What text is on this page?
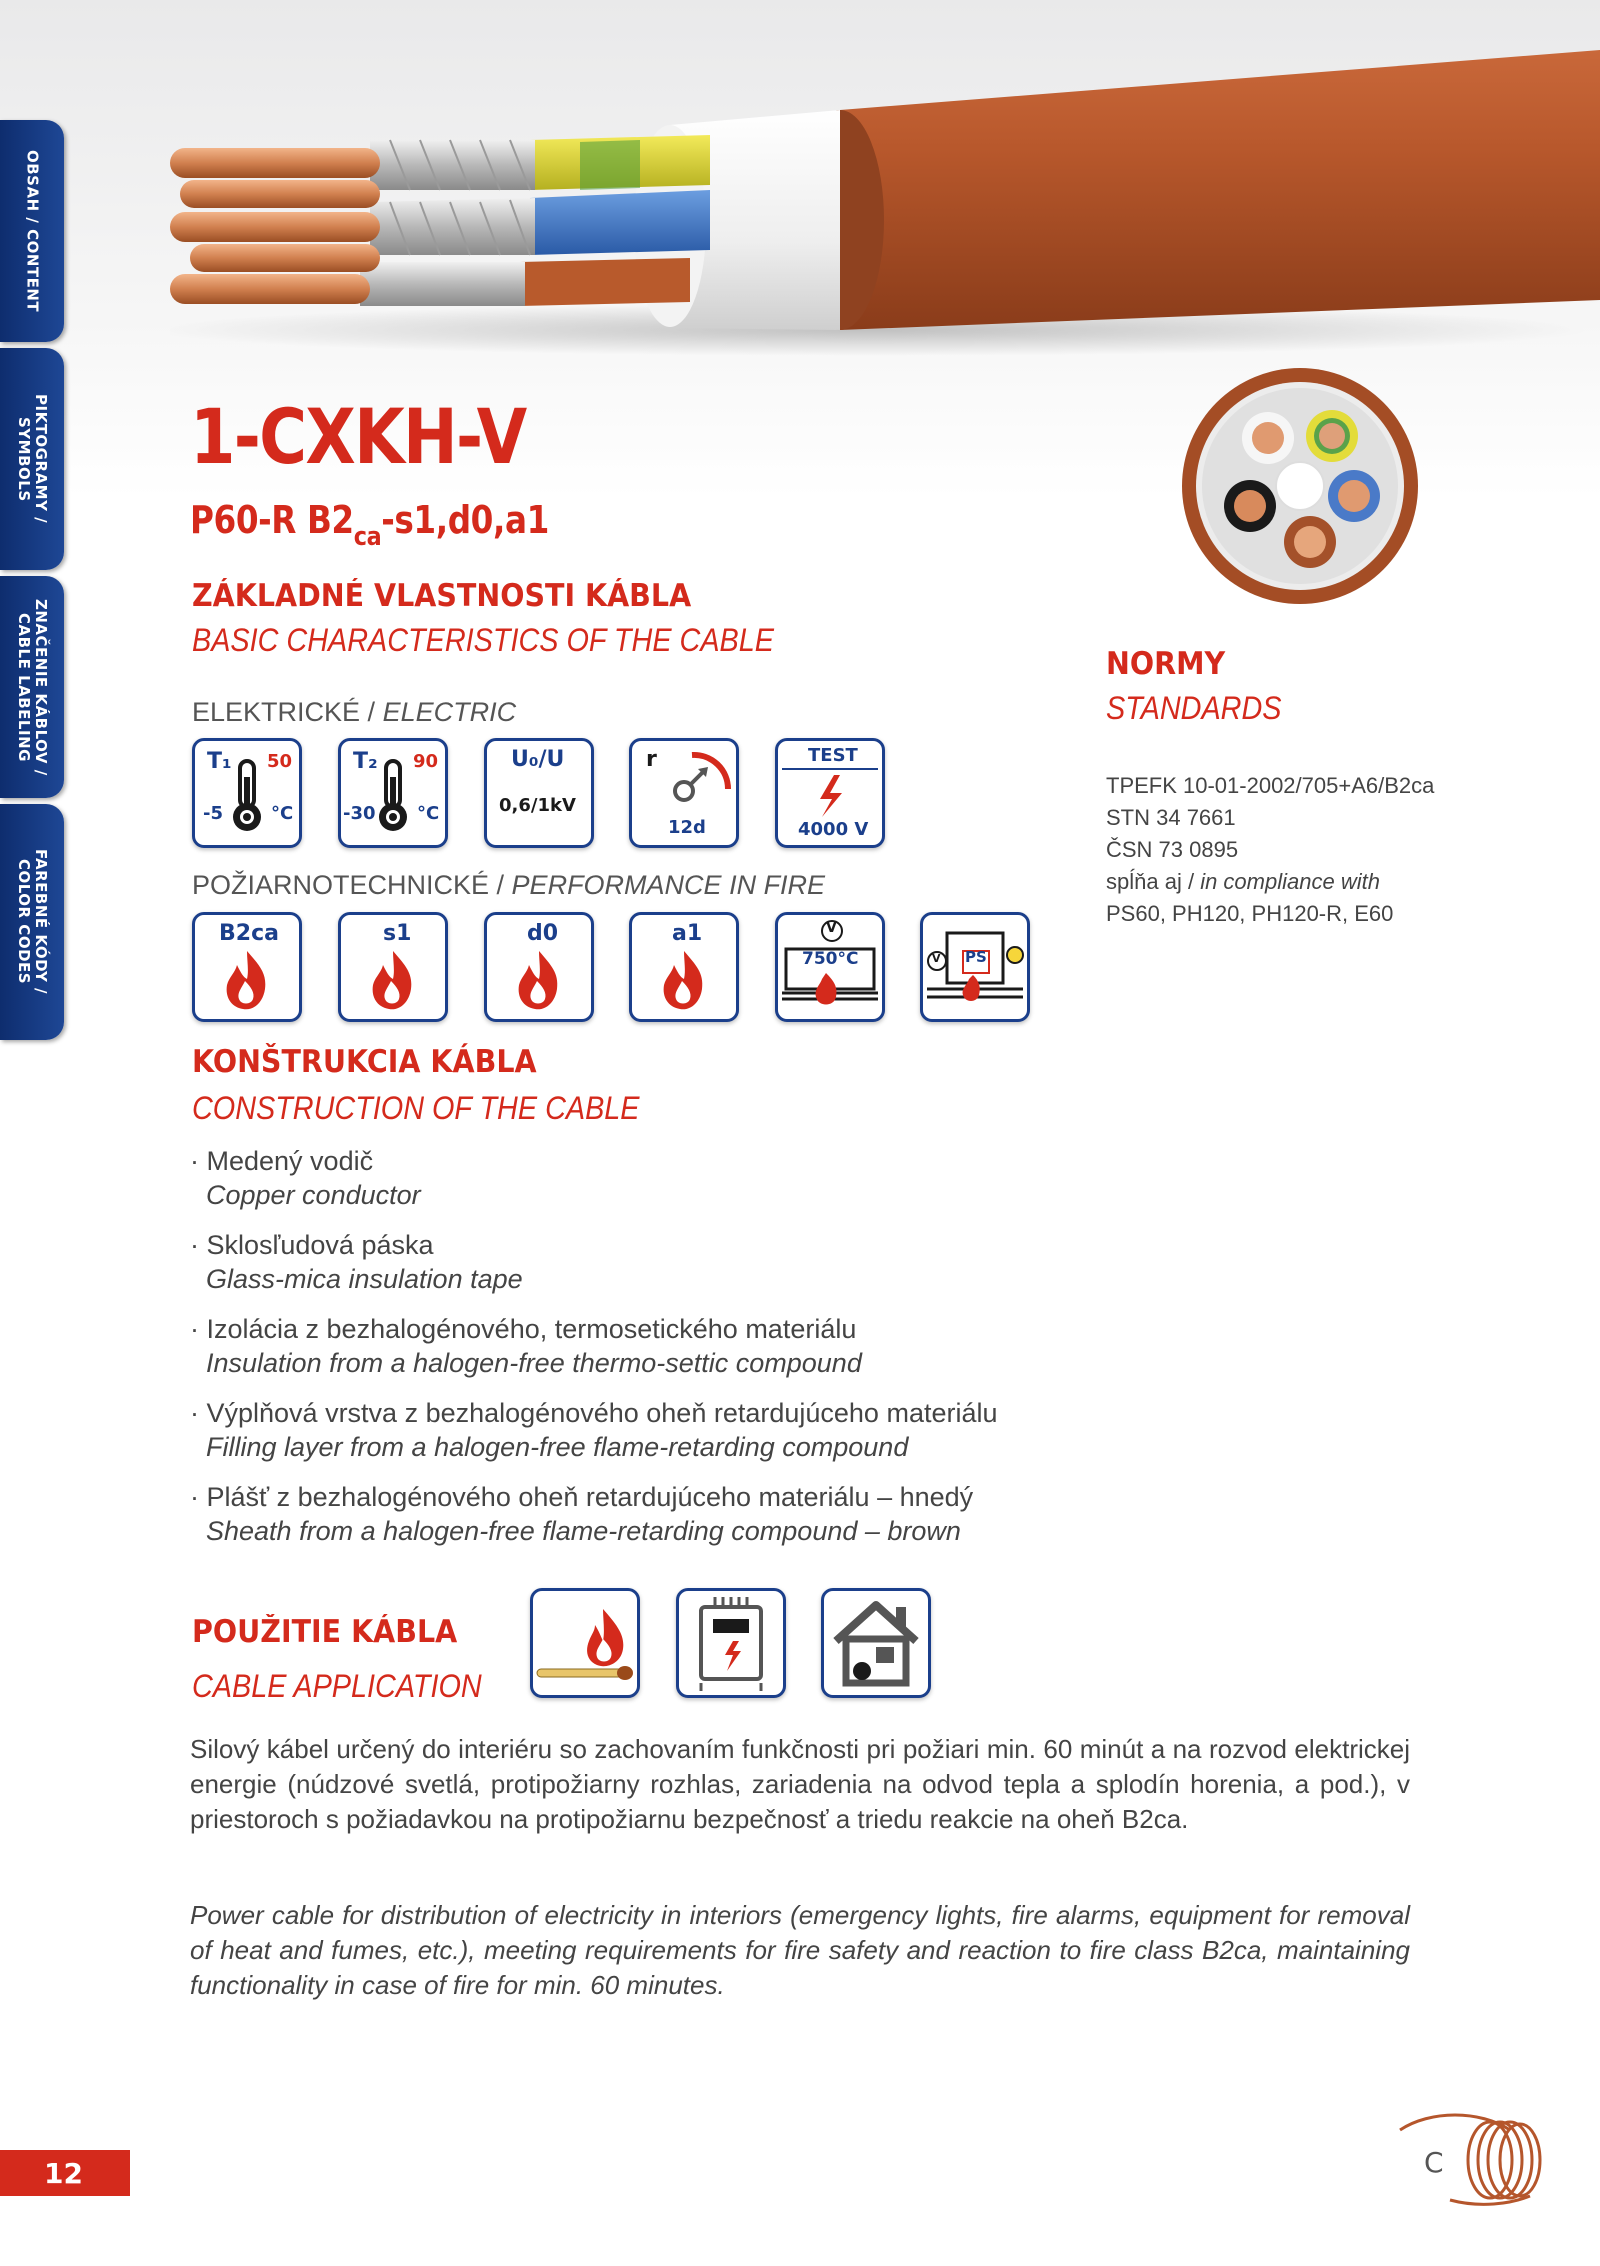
OBSAH / CONTENT
PIKTOGRAMY /
SYMBOLS
ZNAČENIE KÁBLOV /
CABLE LABELING
FAREBNÉ KÓDY /
COLOR CODES
1-CXKH-V
P60-R $B2_{ca}-s1,d0,a1$
ZÁKLADNÉ VLASTNOSTI KÁBLA
BASIC CHARACTERISTICS OF THE CABLE
ELEKTRICKÉ / ELECTRIC
T₁ 50
-5	°C
T₂ 90
-30 °C
U₀/U
0,6/1kV
r
12d
TEST
4000 V
POŽIARNOTECHNICKÉ / PERFORMANCE IN FIRE
B2ca	s1	d0	a1	V
750°C	V PS
KONŠTRUKCIA KÁBLA
CONSTRUCTION OF THE CABLE
· Medený vodič
Copper conductor
· Sklosľudová páska
Glass-mica insulation tape
· Izolácia z bezhalogénového, termosetického materiálu
Insulation from a halogen-free thermo-settic compound
· Výplňová vrstva z bezhalogénového oheň retardujúceho materiálu
Filling layer from a halogen-free flame-retarding compound
· Plášť z bezhalogénového oheň retardujúceho materiálu – hnedý
Sheath from a halogen-free flame-retarding compound – brown
POUŽITIE KÁBLA
CABLE APPLICATION
Silový kábel určený do interiéru so zachovaním funkčnosti pri požiari min. 60 minút a na rozvod elektrickej energie (núdzové svetlá, protipožiarny rozhlas, zariadenia na odvod tepla a splodín horenia, a pod.), v priestoroch s požiadavkou na protipožiarnu bezpečnosť a triedu reakcie na oheň B2ca.
Power cable for distribution of electricity in interiors (emergency lights, fire alarms, equipment for removal of heat and fumes, etc.), meeting requirements for fire safety and reaction to fire class B2ca, maintaining functionality in case of fire for min. 60 minutes.
NORMY
STANDARDS
TPEFK 10-01-2002/705+A6/B2ca
STN 34 7661
ČSN 73 0895
spĺňa aj / in compliance with
PS60, PH120, PH120-R, E60
12	C
